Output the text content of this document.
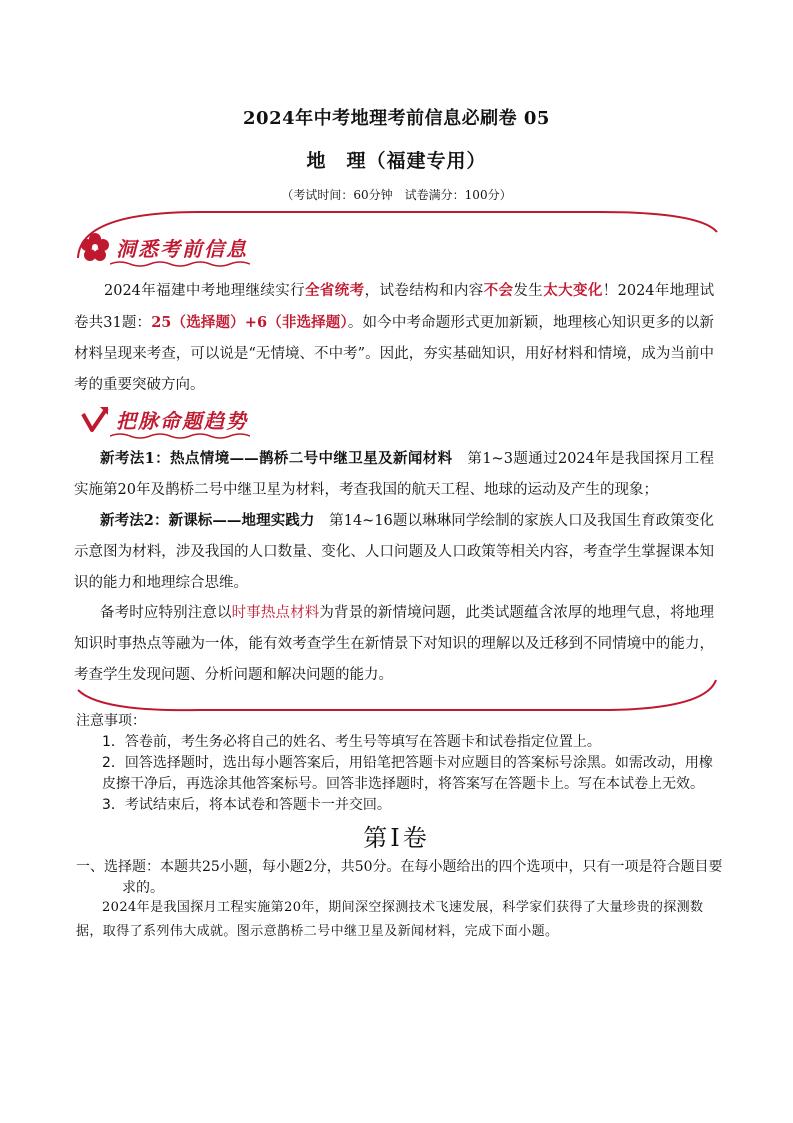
2024年中考地理考前信息必刷卷 05
地　理（福建专用）
（考试时间：60分钟　试卷满分：100分）
洞悉考前信息
2024年福建中考地理继续实行全省统考，试卷结构和内容不会发生太大变化！2024年地理试卷共31题：25（选择题）+6（非选择题）。如今中考命题形式更加新颖，地理核心知识更多的以新材料呈现来考查，可以说是“无情境、不中考”。因此，夯实基础知识，用好材料和情境，成为当前中考的重要突破方向。
把脉命题趋势
新考法1：热点情境——鹊桥二号中继卫星及新闻材料　第1~3题通过2024年是我国探月工程实施第20年及鹊桥二号中继卫星为材料，考查我国的航天工程、地球的运动及产生的现象；
新考法2：新课标——地理实践力　第14~16题以琳琳同学绘制的家族人口及我国生育政策变化示意图为材料，涉及我国的人口数量、变化、人口问题及人口政策等相关内容，考查学生掌握课本知识的能力和地理综合思维。
备考时应特别注意以时事热点材料为背景的新情境问题，此类试题蕴含浓厚的地理气息，将地理知识时事热点等融为一体，能有效考查学生在新情景下对知识的理解以及迁移到不同情境中的能力，考查学生发现问题、分析问题和解决问题的能力。

注意事项：

1．答卷前，考生务必将自己的姓名、考生号等填写在答题卡和试卷指定位置上。

2．回答选择题时，选出每小题答案后，用铅笔把答题卡对应题目的答案标号涂黑。如需改动，用橡皮擦干净后，再选涂其他答案标号。回答非选择题时，将答案写在答题卡上。写在本试卷上无效。

3．考试结束后，将本试卷和答题卡一并交回。

第Ⅰ卷

一、选择题：本题共25小题，每小题2分，共50分。在每小题给出的四个选项中，只有一项是符合题目要求的。

2024年是我国探月工程实施第20年，期间深空探测技术飞速发展，科学家们获得了大量珍贵的探测数据，取得了系列伟大成就。图示意鹊桥二号中继卫星及新闻材料，完成下面小题。
